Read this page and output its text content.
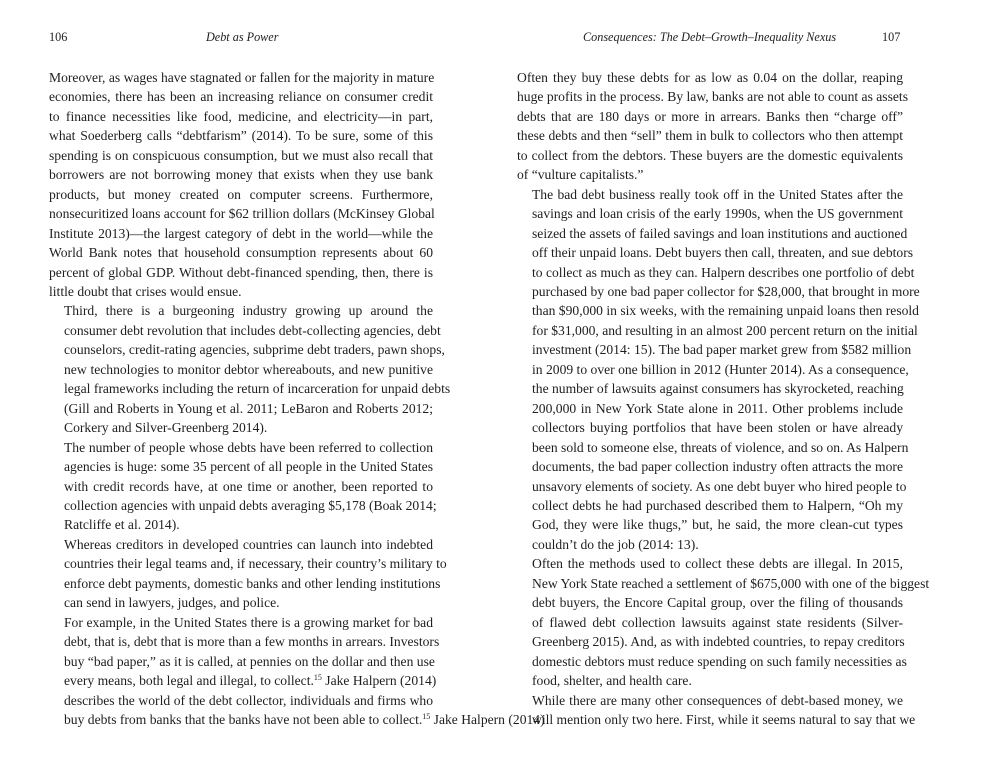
106	Debt as Power

Moreover, as wages have stagnated or fallen for the majority in mature
economies, there has been an increasing reliance on consumer credit
to finance necessities like food, medicine, and electricity—in part,
what Soederberg calls “debtfarism” (2014). To be sure, some of this
spending is on conspicuous consumption, but we must also recall that
borrowers are not borrowing money that exists when they use bank
products, but money created on computer screens. Furthermore,
nonsecuritized loans account for $62 trillion dollars (McKinsey Global
Institute 2013)—the largest category of debt in the world—while the
World Bank notes that household consumption represents about 60
percent of global GDP. Without debt-financed spending, then, there is
little doubt that crises would ensue.

Third, there is a burgeoning industry growing up around the
consumer debt revolution that includes debt-collecting agencies, debt
counselors, credit-rating agencies, subprime debt traders, pawn shops,
new technologies to monitor debtor whereabouts, and new punitive
legal frameworks including the return of incarceration for unpaid debts
(Gill and Roberts in Young et al. 2011; LeBaron and Roberts 2012;
Corkery and Silver-Greenberg 2014).

The number of people whose debts have been referred to collection
agencies is huge: some 35 percent of all people in the United States
with credit records have, at one time or another, been reported to
collection agencies with unpaid debts averaging $5,178 (Boak 2014;
Ratcliffe et al. 2014).

Whereas creditors in developed countries can launch into indebted
countries their legal teams and, if necessary, their country’s military to
enforce debt payments, domestic banks and other lending institutions
can send in lawyers, judges, and police.

For example, in the United States there is a growing market for bad
debt, that is, debt that is more than a few months in arrears. Investors
buy “bad paper,” as it is called, at pennies on the dollar and then use
every means, both legal and illegal, to collect.$^{15}$ Jake Halpern (2014)
describes the world of the debt collector, individuals and firms who
buy debts from banks that the banks have not been able to collect.$^{15}$ Jake Halpern (2014)

Consequences: The Debt–Growth–Inequality Nexus	107

Often they buy these debts for as low as 0.04 on the dollar, reaping
huge profits in the process. By law, banks are not able to count as assets
debts that are 180 days or more in arrears. Banks then “charge off”
these debts and then “sell” them in bulk to collectors who then attempt
to collect from the debtors. These buyers are the domestic equivalents
of “vulture capitalists.”

The bad debt business really took off in the United States after the
savings and loan crisis of the early 1990s, when the US government
seized the assets of failed savings and loan institutions and auctioned
off their unpaid loans. Debt buyers then call, threaten, and sue debtors
to collect as much as they can. Halpern describes one portfolio of debt
purchased by one bad paper collector for $28,000, that brought in more
than $90,000 in six weeks, with the remaining unpaid loans then resold
for $31,000, and resulting in an almost 200 percent return on the initial
investment (2014: 15). The bad paper market grew from $582 million
in 2009 to over one billion in 2012 (Hunter 2014). As a consequence,
the number of lawsuits against consumers has skyrocketed, reaching
200,000 in New York State alone in 2011. Other problems include
collectors buying portfolios that have been stolen or have already
been sold to someone else, threats of violence, and so on. As Halpern
documents, the bad paper collection industry often attracts the more
unsavory elements of society. As one debt buyer who hired people to
collect debts he had purchased described them to Halpern, “Oh my
God, they were like thugs,” but, he said, the more clean-cut types
couldn’t do the job (2014: 13).

Often the methods used to collect these debts are illegal. In 2015,
New York State reached a settlement of $675,000 with one of the biggest
debt buyers, the Encore Capital group, over the filing of thousands
of flawed debt collection lawsuits against state residents (Silver-
Greenberg 2015). And, as with indebted countries, to repay creditors
domestic debtors must reduce spending on such family necessities as
food, shelter, and health care.

While there are many other consequences of debt-based money, we
will mention only two here. First, while it seems natural to say that we
